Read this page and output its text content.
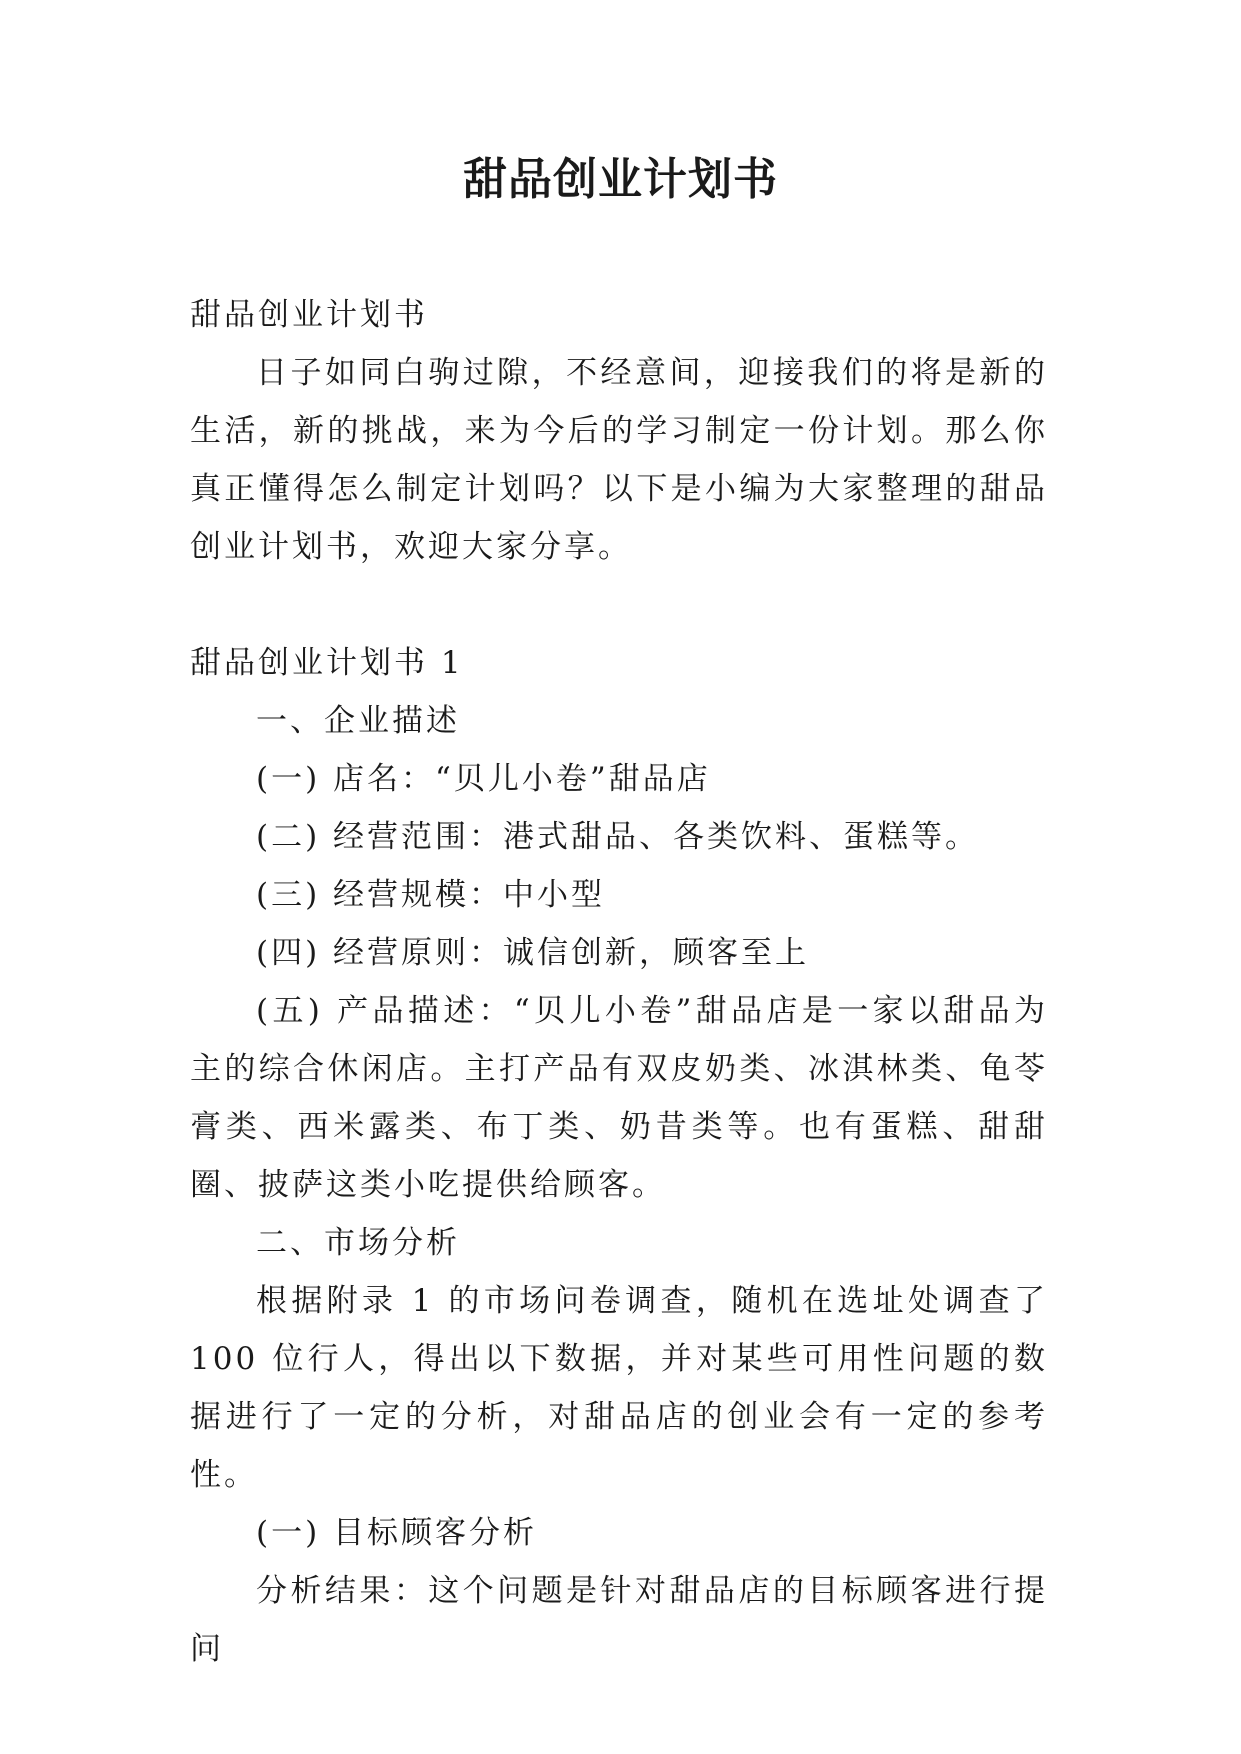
甜品创业计划书

甜品创业计划书

日子如同白驹过隙，不经意间，迎接我们的将是新的生活，新的挑战，来为今后的学习制定一份计划。那么你真正懂得怎么制定计划吗？以下是小编为大家整理的甜品创业计划书，欢迎大家分享。

甜品创业计划书 1

一、企业描述

(一) 店名：“贝儿小卷”甜品店

(二) 经营范围：港式甜品、各类饮料、蛋糕等。

(三) 经营规模：中小型

(四) 经营原则：诚信创新，顾客至上

(五) 产品描述：“贝儿小卷”甜品店是一家以甜品为主的综合休闲店。主打产品有双皮奶类、冰淇林类、龟苓膏类、西米露类、布丁类、奶昔类等。也有蛋糕、甜甜圈、披萨这类小吃提供给顾客。

二、市场分析

根据附录 1 的市场问卷调查，随机在选址处调查了 100 位行人，得出以下数据，并对某些可用性问题的数据进行了一定的分析，对甜品店的创业会有一定的参考性。

(一) 目标顾客分析

分析结果：这个问题是针对甜品店的目标顾客进行提问
